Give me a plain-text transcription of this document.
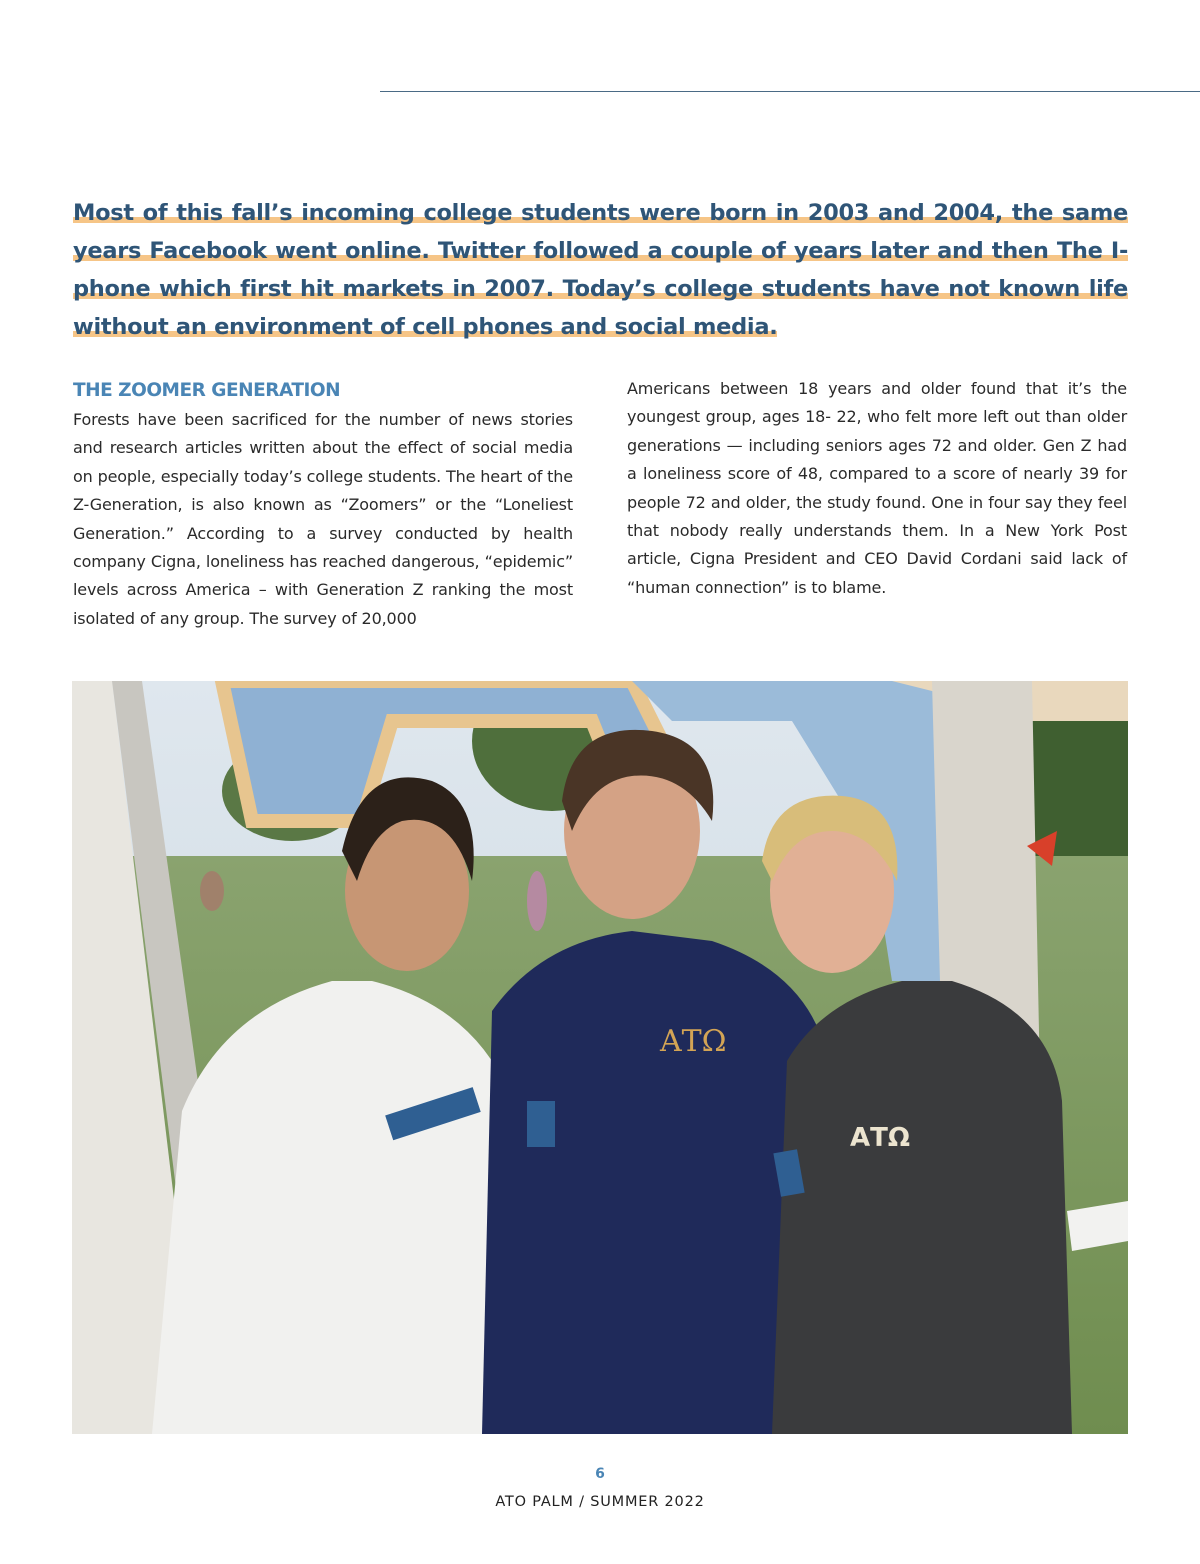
Most of this fall’s incoming college students were born in 2003 and 2004, the same years Facebook went online. Twitter followed a couple of years later and then The I-phone which first hit markets in 2007. Today’s college students have not known life without an environment of cell phones and social media.
THE ZOOMER GENERATION

Forests have been sacrificed for the number of news stories and research articles written about the effect of social media on people, especially today’s college students. The heart of the Z-Generation, is also known as “Zoomers” or the “Loneliest Generation.” According to a survey conducted by health company Cigna, loneliness has reached dangerous, “epidemic” levels across America – with Generation Z ranking the most isolated of any group. The survey of 20,000

Americans between 18 years and older found that it’s the youngest group, ages 18- 22, who felt more left out than older generations — including seniors ages 72 and older. Gen Z had a loneliness score of 48, compared to a score of nearly 39 for people 72 and older, the study found. One in four say they feel that nobody really understands them. In a New York Post article, Cigna President and CEO David Cordani said lack of “human connection” is to blame.

ΑΤΩ
ΑΤΩ
6
ATO PALM / SUMMER 2022
